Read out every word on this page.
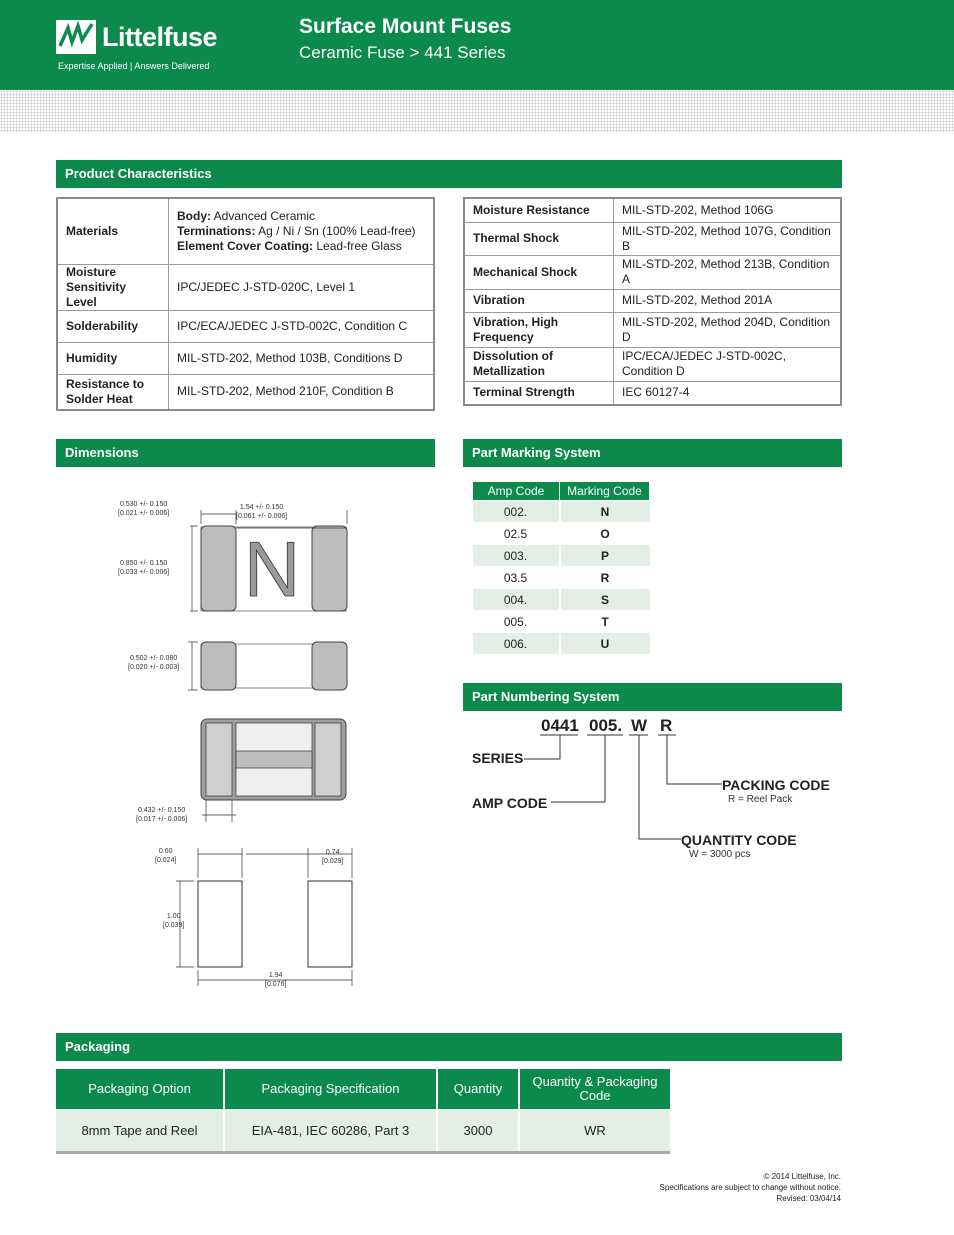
Littelfuse
Expertise Applied | Answers Delivered
Surface Mount Fuses
Ceramic Fuse > 441 Series
Product Characteristics
Materials	Body: Advanced Ceramic
Terminations: Ag / Ni / Sn (100% Lead-free)
Element Cover Coating: Lead-free Glass

Moisture Sensitivity Level	IPC/JEDEC J-STD-020C, Level 1
Solderability	IPC/ECA/JEDEC J-STD-002C, Condition C
Humidity	MIL-STD-202, Method 103B, Conditions D
Resistance to Solder Heat	MIL-STD-202, Method 210F, Condition B
Moisture Resistance	MIL-STD-202, Method 106G
Thermal Shock	MIL-STD-202, Method 107G, Condition B
Mechanical Shock	MIL-STD-202, Method 213B, Condition A
Vibration	MIL-STD-202, Method 201A
Vibration, High Frequency	MIL-STD-202, Method 204D, Condition D
Dissolution of Metallization	IPC/ECA/JEDEC J-STD-002C, Condition D
Terminal Strength	IEC 60127-4
Dimensions
N
0.530 +/- 0.150
[0.021 +/- 0.006]
1.54 +/- 0.150
[0.061 +/- 0.006]
0.850 +/- 0.150
[0.033 +/- 0.006]
0.502 +/- 0.080
[0.020 +/- 0.003]
0.432 +/- 0.150
[0.017 +/- 0.006]
0.60
[0.024]
0.74
[0.029]
1.00
[0.039]
1.94
[0.076]
Part Marking System
Amp Code	Marking Code
002.	N
02.5	O
003.	P
03.5	R
004.	S
005.	T
006.	U
Part Numbering System
0441 005. W R
SERIES
AMP CODE
PACKING CODE
R = Reel Pack
QUANTITY CODE
W = 3000 pcs
Packaging
Packaging Option	Packaging Specification	Quantity	Quantity & Packaging Code
8mm Tape and Reel	EIA-481, IEC 60286, Part 3	3000	WR
© 2014 Littelfuse, Inc.
Specifications are subject to change without notice.
Revised: 03/04/14
